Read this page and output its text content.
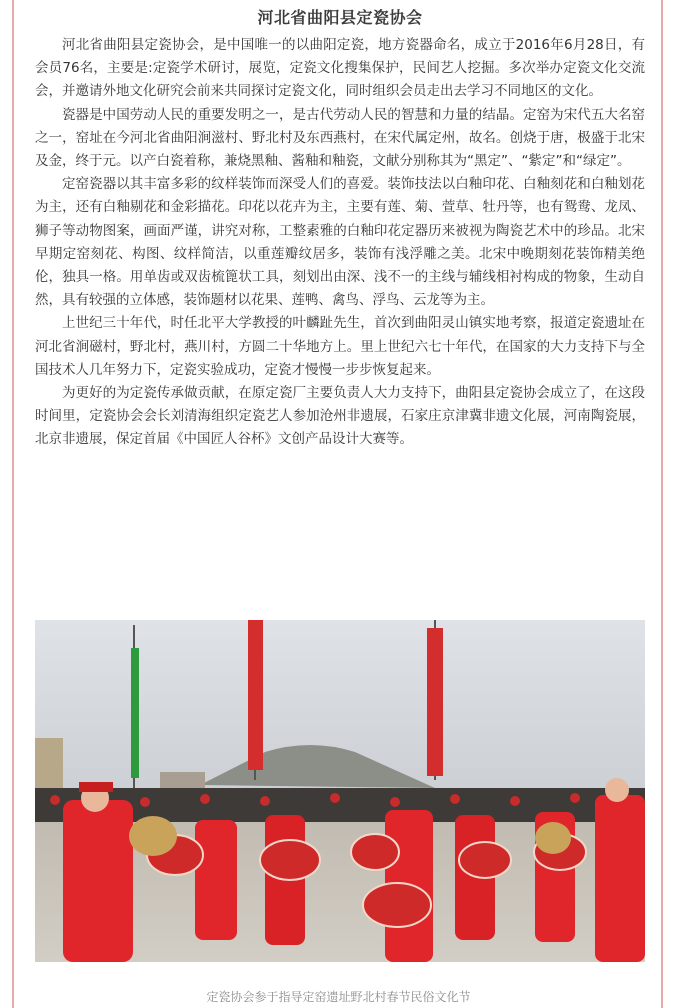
河北省曲阳县定瓷协会

河北省曲阳县定瓷协会，是中国唯一的以曲阳定瓷，地方瓷器命名，成立于2016年6月28日，有会员76名，主要是:定瓷学术研讨，展览，定瓷文化搜集保护，民间艺人挖掘。多次举办定瓷文化交流会，并邀请外地文化研究会前来共同探讨定瓷文化，同时组织会员走出去学习不同地区的文化。

瓷器是中国劳动人民的重要发明之一，是古代劳动人民的智慧和力量的结晶。定窑为宋代五大名窑之一，窑址在今河北省曲阳涧滋村、野北村及东西燕村，在宋代属定州，故名。创烧于唐，极盛于北宋及金，终于元。以产白瓷着称，兼烧黑釉、酱釉和釉瓷，文献分别称其为“黑定”、“紫定”和“绿定”。

定窑瓷器以其丰富多彩的纹样装饰而深受人们的喜爱。装饰技法以白釉印花、白釉刻花和白釉划花为主，还有白釉剔花和金彩描花。印花以花卉为主，主要有莲、菊、萱草、牡丹等，也有鸳鸯、龙凤、狮子等动物图案，画面严谨，讲究对称，工整素雅的白釉印花定器历来被视为陶瓷艺术中的珍品。北宋早期定窑刻花、构图、纹样简洁，以重莲瓣纹居多，装饰有浅浮雕之美。北宋中晚期刻花装饰精美绝伦，独具一格。用单齿或双齿梳篦状工具，刻划出由深、浅不一的主线与辅线相衬构成的物象，生动自然，具有较强的立体感，装饰题材以花果、莲鸭、禽鸟、浮鸟、云龙等为主。

上世纪三十年代，时任北平大学教授的叶麟趾先生，首次到曲阳灵山镇实地考察，报道定瓷遗址在河北省涧磁村，野北村，燕川村，方圆二十华地方上。里上世纪六七十年代，在国家的大力支持下与全国技术人几年努力下，定瓷实验成功，定瓷才慢慢一步步恢复起来。

为更好的为定瓷传承做贡献，在原定瓷厂主要负责人大力支持下，曲阳县定瓷协会成立了，在这段时间里，定瓷协会会长刘清海组织定瓷艺人参加沧州非遗展，石家庄京津冀非遗文化展，河南陶瓷展，北京非遗展，保定首届《中国匠人谷杯》文创产品设计大赛等。

定瓷协会参于指导定窑遗址野北村春节民俗文化节
